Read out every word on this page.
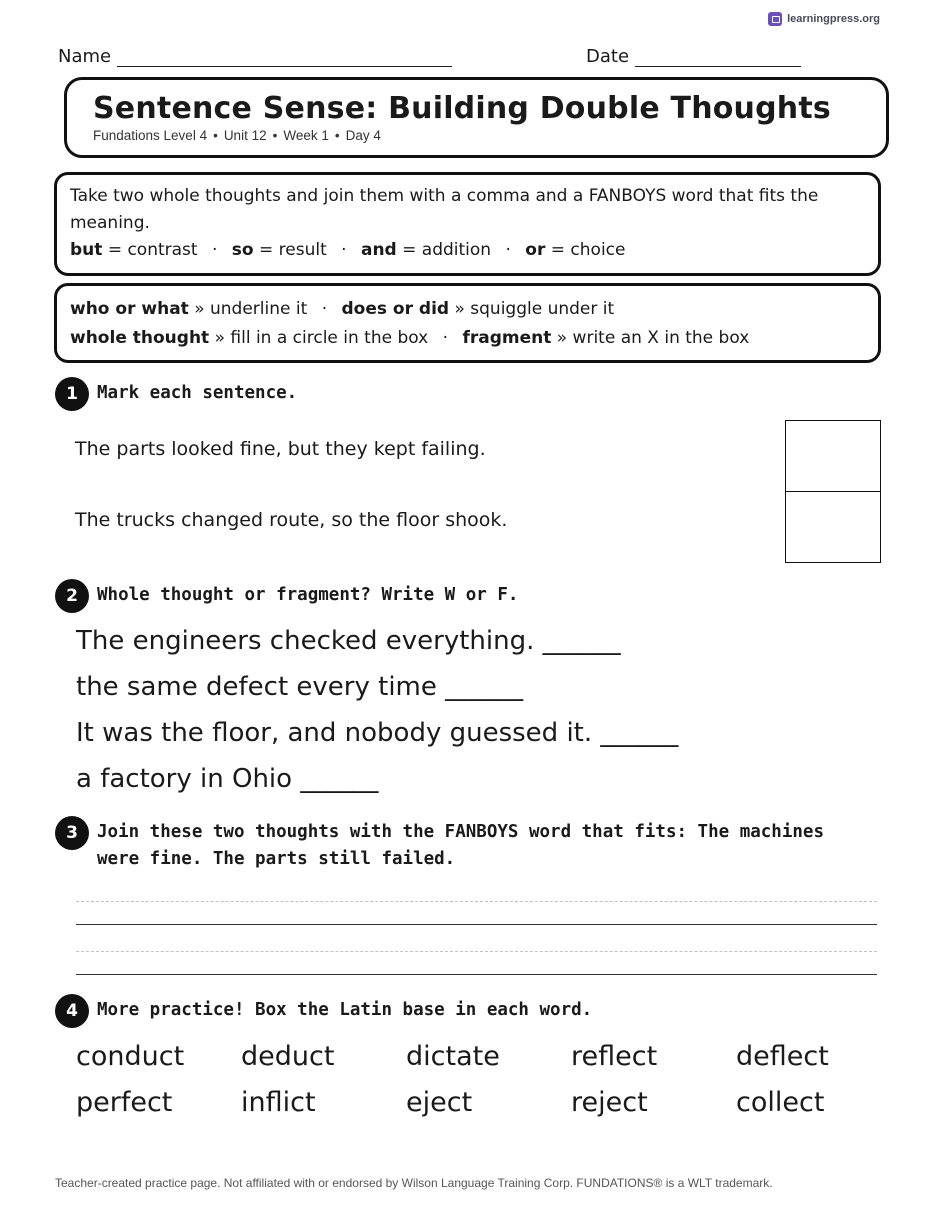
learningpress.org
Name	Date
Sentence Sense: Building Double Thoughts
Fundations Level 4 • Unit 12 • Week 1 • Day 4
Take two whole thoughts and join them with a comma and a FANBOYS word that fits the meaning.
but = contrast · so = result · and = addition · or = choice
who or what » underline it · does or did » squiggle under it
whole thought » fill in a circle in the box · fragment » write an X in the box
1	Mark each sentence.
The parts looked fine, but they kept failing.
The trucks changed route, so the floor shook.
2	Whole thought or fragment? Write W or F.
The engineers checked everything. ______
the same defect every time ______
It was the floor, and nobody guessed it. ______
a factory in Ohio ______
3	Join these two thoughts with the FANBOYS word that fits: The machines were fine. The parts still failed.
4	More practice! Box the Latin base in each word.
conduct deduct	dictate	reflect	deflect
perfect	inflict	eject	reject	collect
Teacher-created practice page. Not affiliated with or endorsed by Wilson Language Training Corp. FUNDATIONS® is a WLT trademark.
